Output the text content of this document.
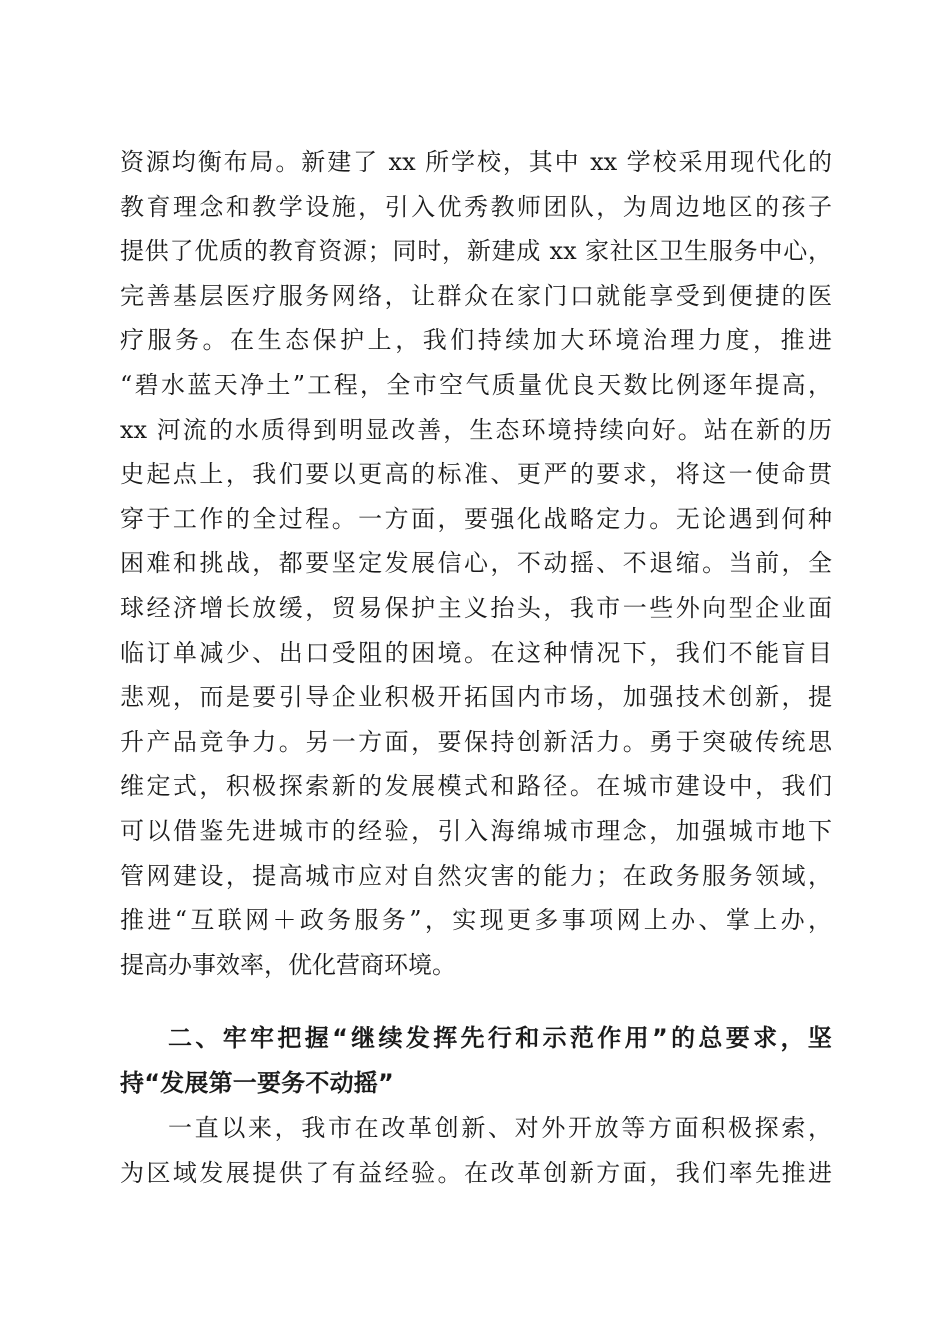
资源均衡布局。新建了 xx 所学校，其中 xx 学校采用现代化的
教育理念和教学设施，引入优秀教师团队，为周边地区的孩子
提供了优质的教育资源；同时，新建成 xx 家社区卫生服务中心，
完善基层医疗服务网络，让群众在家门口就能享受到便捷的医
疗服务。在生态保护上，我们持续加大环境治理力度，推进
“碧水蓝天净土”工程，全市空气质量优良天数比例逐年提高，
xx 河流的水质得到明显改善，生态环境持续向好。站在新的历
史起点上，我们要以更高的标准、更严的要求，将这一使命贯
穿于工作的全过程。一方面，要强化战略定力。无论遇到何种
困难和挑战，都要坚定发展信心，不动摇、不退缩。当前，全
球经济增长放缓，贸易保护主义抬头，我市一些外向型企业面
临订单减少、出口受阻的困境。在这种情况下，我们不能盲目
悲观，而是要引导企业积极开拓国内市场，加强技术创新，提
升产品竞争力。另一方面，要保持创新活力。勇于突破传统思
维定式，积极探索新的发展模式和路径。在城市建设中，我们
可以借鉴先进城市的经验，引入海绵城市理念，加强城市地下
管网建设，提高城市应对自然灾害的能力；在政务服务领域，
推进“互联网＋政务服务”，实现更多事项网上办、掌上办，
提高办事效率，优化营商环境。
二、牢牢把握“继续发挥先行和示范作用”的总要求，坚
持“发展第一要务不动摇”
一直以来，我市在改革创新、对外开放等方面积极探索，
为区域发展提供了有益经验。在改革创新方面，我们率先推进
